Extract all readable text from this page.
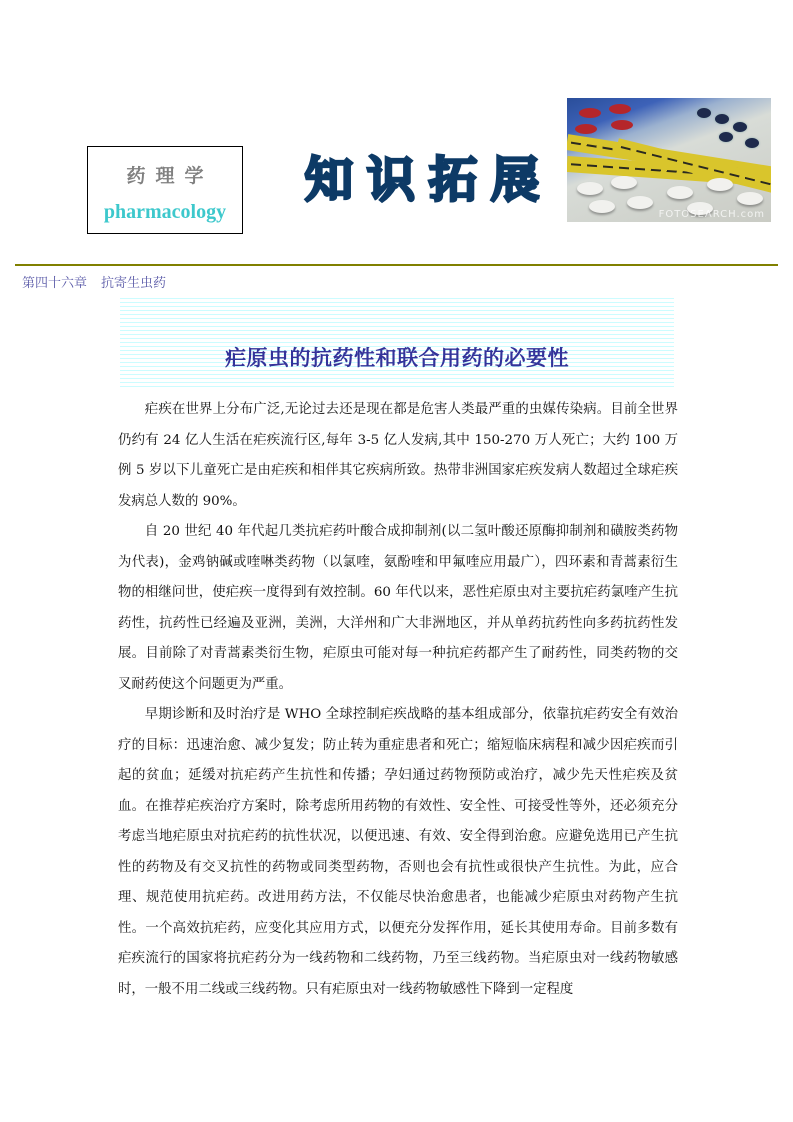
药理学
pharmacology
知识拓展
FOTOSEARCH.com
第四十六章 抗寄生虫药
疟原虫的抗药性和联合用药的必要性

疟疾在世界上分布广泛,无论过去还是现在都是危害人类最严重的虫媒传染病。目前全世界仍约有 24 亿人生活在疟疾流行区,每年 3-5 亿人发病,其中 150-270 万人死亡；大约 100 万例 5 岁以下儿童死亡是由疟疾和相伴其它疾病所致。热带非洲国家疟疾发病人数超过全球疟疾发病总人数的 90%。

自 20 世纪 40 年代起几类抗疟药叶酸合成抑制剂(以二氢叶酸还原酶抑制剂和磺胺类药物为代表)，金鸡钠碱或喹啉类药物（以氯喹，氨酚喹和甲氟喹应用最广），四环素和青蒿素衍生物的相继问世，使疟疾一度得到有效控制。60 年代以来，恶性疟原虫对主要抗疟药氯喹产生抗药性，抗药性已经遍及亚洲，美洲，大洋州和广大非洲地区，并从单药抗药性向多药抗药性发展。目前除了对青蒿素类衍生物，疟原虫可能对每一种抗疟药都产生了耐药性，同类药物的交叉耐药使这个问题更为严重。

早期诊断和及时治疗是 WHO 全球控制疟疾战略的基本组成部分，依靠抗疟药安全有效治疗的目标：迅速治愈、减少复发；防止转为重症患者和死亡；缩短临床病程和减少因疟疾而引起的贫血；延缓对抗疟药产生抗性和传播；孕妇通过药物预防或治疗，减少先天性疟疾及贫血。在推荐疟疾治疗方案时，除考虑所用药物的有效性、安全性、可接受性等外，还必须充分考虑当地疟原虫对抗疟药的抗性状况，以便迅速、有效、安全得到治愈。应避免选用已产生抗性的药物及有交叉抗性的药物或同类型药物，否则也会有抗性或很快产生抗性。为此，应合理、规范使用抗疟药。改进用药方法，不仅能尽快治愈患者，也能减少疟原虫对药物产生抗性。一个高效抗疟药，应变化其应用方式，以便充分发挥作用，延长其使用寿命。目前多数有疟疾流行的国家将抗疟药分为一线药物和二线药物，乃至三线药物。当疟原虫对一线药物敏感时，一般不用二线或三线药物。只有疟原虫对一线药物敏感性下降到一定程度
